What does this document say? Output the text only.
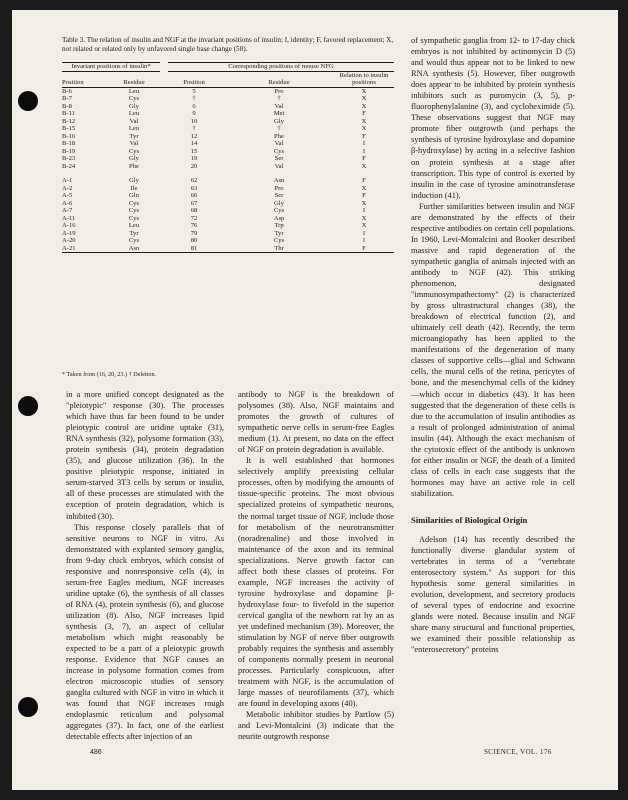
Table 3. The relation of insulin and NGF at the invariant positions of insulin; I, identity; F, favored replacement; X, not related or related only by unfavored single base change (58).
Invariant positions of insulin*		Corresponding positions of mouse NFG		
Position	Residue	Position	Residue	Relation to insulin positions
B-6	Leu	5	Pro	X
B-7	Cys	†	†	X
B-8	Gly	6	Val	X
B-11	Leu	9	Met	F
B-12	Val	10	Gly	X
B-15	Leu	†	†	X
B-16	Tyr	12	Phe	F
B-18	Val	14	Val	I
B-19	Cys	15	Cys	I
B-23	Gly	19	Ser	F
B-24	Phe	20	Val	X

A-1	Gly	62	Asn	F
A-2	Ile	63	Pro	X
A-5	Gln	66	Ser	F
A-6	Cys	67	Gly	X
A-7	Cys	68	Cys	I
A-11	Cys	72	Asp	X
A-16	Leu	76	Trp	X
A-19	Tyr	79	Tyr	I
A-20	Cys	80	Cys	I
A-21	Asn	81	Thr	F
* Taken from (16, 20, 23.) † Deletion.

in a more unified concept designated as the "pleiotypic" response (30). The processes which have thus far been found to be under pleiotypic control are uridine uptake (31), RNA synthesis (32), polysome formation (33), protein synthesis (34), protein degradation (35), and glucose utilization (36). In the positive pleiotypic response, initiated in serum-starved 3T3 cells by serum or insulin, all of these processes are stimulated with the exception of protein degradation, which is inhibited (30).

This response closely parallels that of sensitive neurons to NGF in vitro. As demonstrated with explanted sensory ganglia, from 9-day chick embryos, which consist of responsive and nonresponsive cells (4), in serum-free Eagles medium, NGF increases uridine uptake (6), the synthesis of all classes of RNA (4), protein synthesis (6), and glucose utilization (8). Also, NGF increases lipid synthesis (3, 7), an aspect of cellular metabolism which might reasonably be expected to be a part of a pleiotypic growth response. Evidence that NGF causes an increase in polysome formation comes from electron microscopic studies of sensory ganglia cultured with NGF in vitro in which it was found that NGF increases rough endoplasmic reticulum and polysomal aggregates (37). In fact, one of the earliest detectable effects after injection of an

antibody to NGF is the breakdown of polysomes (38). Also, NGF maintains and promotes the growth of cultures of sympathetic nerve cells in serum-free Eagles medium (1). At present, no data on the effect of NGF on protein degradation is available.

It is well established that hormones selectively amplify preexisting cellular processes, often by modifying the amounts of tissue-specific proteins. The most obvious specialized proteins of sympathetic neurons, the normal target tissue of NGF, include those for metabolism of the neurotransmitter (noradrenaline) and those involved in maintenance of the axon and its terminal specializations. Nerve growth factor can affect both these classes of proteins. For example, NGF increases the activity of tyrosine hydroxylase and dopamine β-hydroxylase four- to fivefold in the superior cervical ganglia of the newborn rat by an as yet undefined mechanism (39). Moreover, the stimulation by NGF of nerve fiber outgrowth probably requires the synthesis and assembly of components normally present in neuronal processes. Particularly conspicuous, after treatment with NGF, is the accumulation of large masses of neurofilaments (37), which are found in developing axons (40).

Metabolic inhibitor studies by Partlow (5) and Levi-Montalcini (3) indicate that the neurite outgrowth response

of sympathetic ganglia from 12- to 17-day chick embryos is not inhibited by actinomycin D (5) and would thus appear not to be linked to new RNA synthesis (5). However, fiber outgrowth does appear to be inhibited by protein synthesis inhibitors such as puromycin (3, 5), p-fluorophenylalanine (3), and cycloheximide (5). These observations suggest that NGF may promote fiber outgrowth (and perhaps the synthesis of tyrosine hydroxylase and dopamine β-hydroxylase) by acting in a selective fashion on protein synthesis at a stage after transcription. This type of control is exerted by insulin in the case of tyrosine aminotransferase induction (41).

Further similarities between insulin and NGF are demonstrated by the effects of their respective antibodies on certain cell populations. In 1960, Levi-Montalcini and Booker described massive and rapid degeneration of the sympathetic ganglia of animals injected with an antibody to NGF (42). This striking phenomenon, designated "immunosympathectomy" (2) is characterized by gross ultrastructural changes (38), the breakdown of electrical function (2), and ultimately cell death (42). Recently, the term microangiopathy has been applied to the manifestations of the degeneration of many classes of supportive cells—glial and Schwann cells, the mural cells of the retina, pericytes of bone, and the mesenchymal cells of the kidney—which occur in diabetics (43). It has been suggested that the degeneration of these cells is due to the accumulation of insulin antibodies as a result of prolonged administration of animal insulin (44). Although the exact mechanism of the cytotoxic effect of the antibody is unknown for either insulin or NGF, the death of a limited class of cells in each case suggests that the hormones may have an active role in cell stabilization.

Similarities of Biological Origin

Adelson (14) has recently described the functionally diverse glandular system of vertebrates in terms of a "vertebrate enterosectory system." As support for this hypothesis some general similarities in evolution, development, and secretory products of several types of endocrine and exocrine glands were noted. Because insulin and NGF share many structural and functional properties, we examined their possible relationship as "enterosecretory" proteins

486	SCIENCE, VOL. 176
